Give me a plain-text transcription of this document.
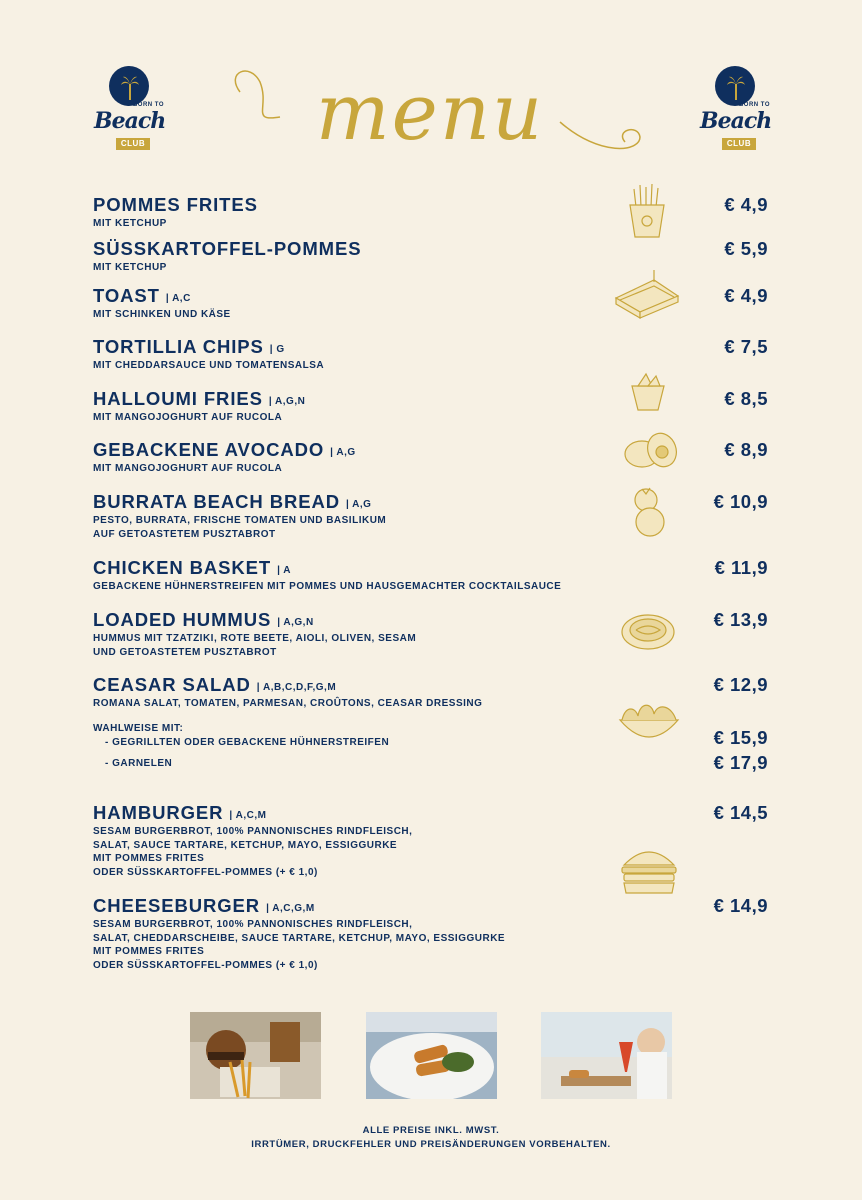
BORN TO
Beach
CLUB	menu	BORN TO
Beach
CLUB
POMMES FRITES
MIT KETCHUP
€ 4,9
SÜSSKARTOFFEL-POMMES
MIT KETCHUP
€ 5,9
TOAST | A,C
MIT SCHINKEN UND KÄSE
€ 4,9
TORTILLIA CHIPS | G
MIT CHEDDARSAUCE UND TOMATENSALSA
€ 7,5
HALLOUMI FRIES | A,G,N
MIT MANGOJOGHURT AUF RUCOLA
€ 8,5
GEBACKENE AVOCADO | A,G
MIT MANGOJOGHURT AUF RUCOLA
€ 8,9
BURRATA BEACH BREAD | A,G
PESTO, BURRATA, FRISCHE TOMATEN UND BASILIKUM
AUF GETOASTETEM PUSZTABROT
€ 10,9
CHICKEN BASKET | A
GEBACKENE HÜHNERSTREIFEN MIT POMMES UND HAUSGEMACHTER COCKTAILSAUCE
€ 11,9
LOADED HUMMUS | A,G,N
HUMMUS MIT TZATZIKI, ROTE BEETE, AIOLI, OLIVEN, SESAM
UND GETOASTETEM PUSZTABROT
€ 13,9
CEASAR SALAD | A,B,C,D,F,G,M
ROMANA SALAT, TOMATEN, PARMESAN, CROÛTONS, CEASAR DRESSING
€ 12,9
WAHLWEISE MIT:
- GEGRILLTEN ODER GEBACKENE HÜHNERSTREIFEN
- GARNELEN
€ 15,9
€ 17,9
HAMBURGER | A,C,M
SESAM BURGERBROT, 100% PANNONISCHES RINDFLEISCH,
SALAT, SAUCE TARTARE, KETCHUP, MAYO, ESSIGGURKE
MIT POMMES FRITES
ODER SÜSSKARTOFFEL-POMMES (+ € 1,0)
€ 14,5
CHEESEBURGER | A,C,G,M
SESAM BURGERBROT, 100% PANNONISCHES RINDFLEISCH,
SALAT, CHEDDARSCHEIBE, SAUCE TARTARE, KETCHUP, MAYO, ESSIGGURKE
MIT POMMES FRITES
ODER SÜSSKARTOFFEL-POMMES (+ € 1,0)
€ 14,9
ALLE PREISE INKL. MWST.
IRRTÜMER, DRUCKFEHLER UND PREISÄNDERUNGEN VORBEHALTEN.
